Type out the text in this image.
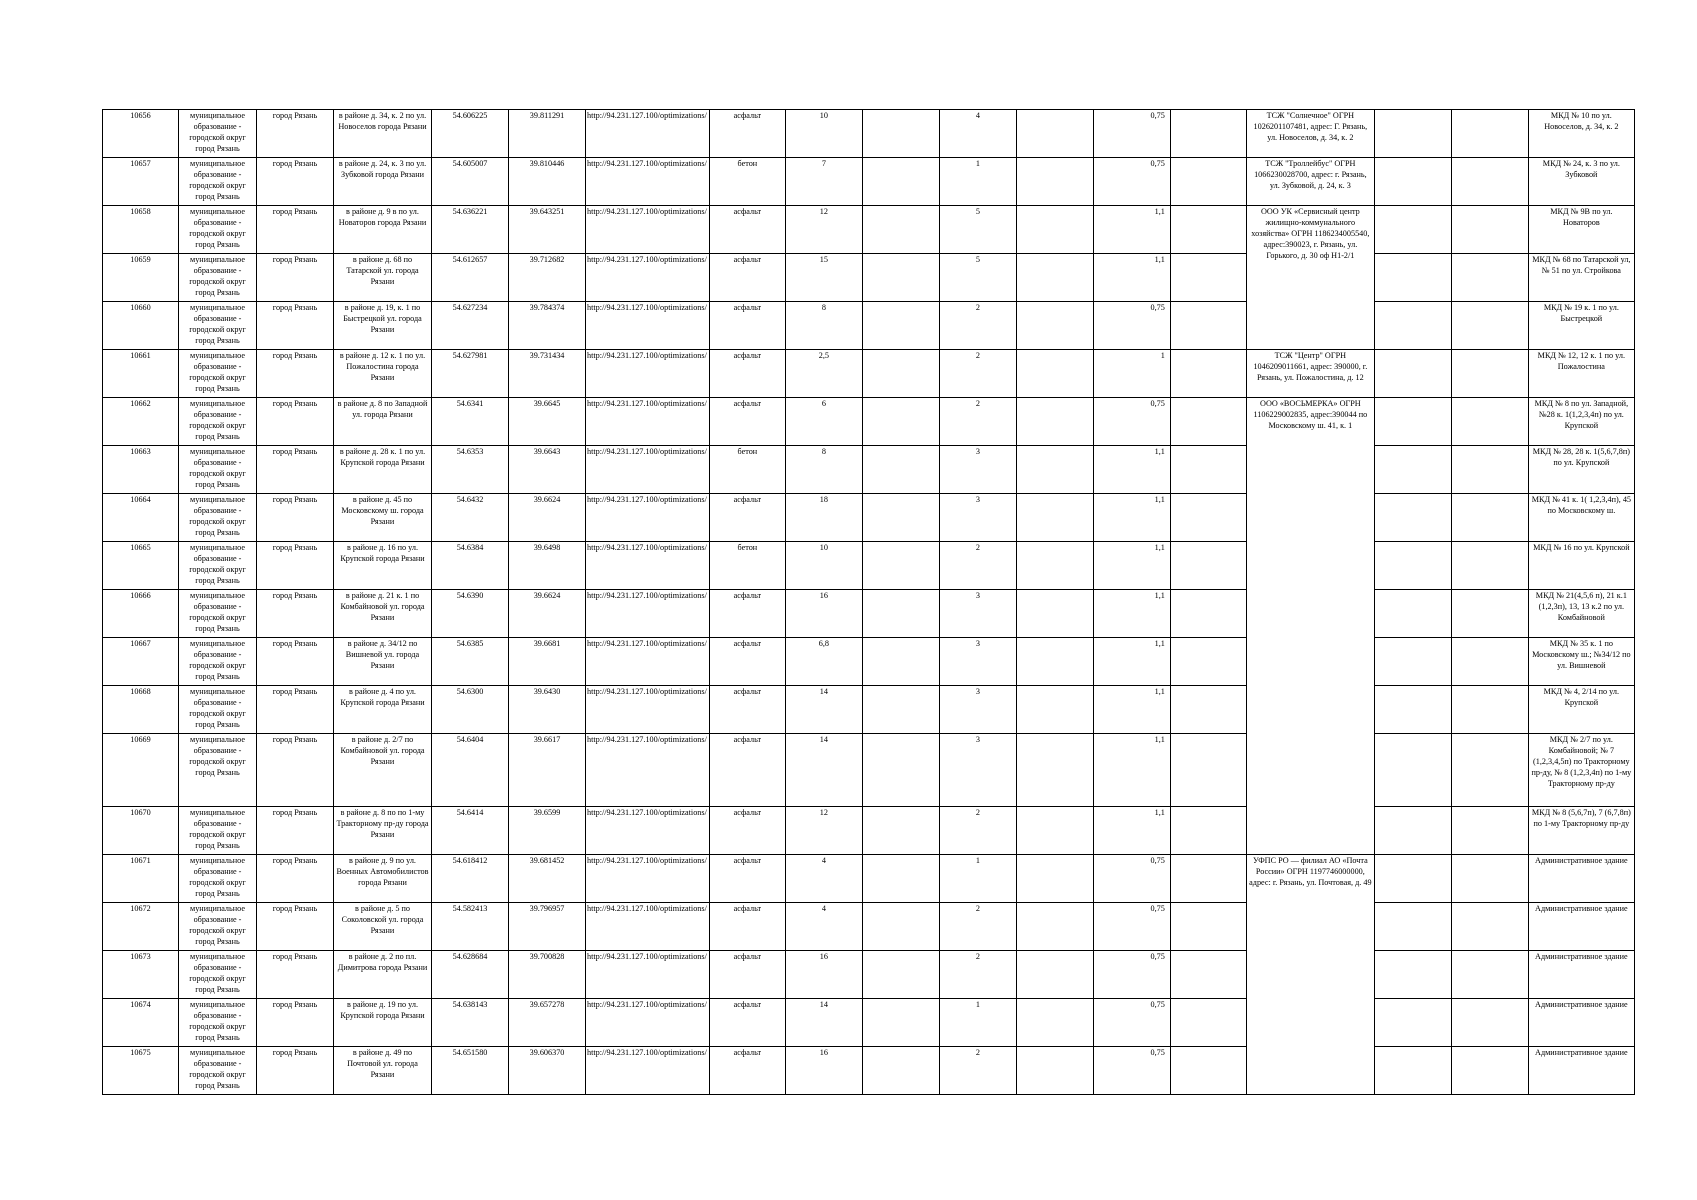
10656	муниципальное образование - городской округ город Рязань	город Рязань	в районе д. 34, к. 2 по ул. Новоселов города Рязани	54.606225	39.811291	http://94.231.127.100/optimizations/	асфальт	10		4		0,75		ТСЖ "Солнечное" ОГРН 1026201107481, адрес: Г. Рязань, ул. Новоселов, д. 34, к. 2			МКД № 10 по ул. Новоселов, д. 34, к. 2
10657	муниципальное образование - городской округ город Рязань	город Рязань	в районе д. 24, к. 3 по ул. Зубковой города Рязани	54.605007	39.810446	http://94.231.127.100/optimizations/	бетон	7		1		0,75		ТСЖ "Троллейбус" ОГРН 1066230028700, адрес: г. Рязань, ул. Зубковой, д. 24, к. 3			МКД № 24, к. 3 по ул. Зубковой
10658	муниципальное образование - городской округ город Рязань	город Рязань	в районе д. 9 в по ул. Новаторов города Рязани	54.636221	39.643251	http://94.231.127.100/optimizations/	асфальт	12		5		1,1		ООО УК «Сервисный центр жилищно-коммунального хозяйства» ОГРН 1186234005540, адрес:390023, г. Рязань, ул. Горького, д. 30 оф Н1-2/1			МКД № 9В по ул. Новаторов
10659	муниципальное образование - городской округ город Рязань	город Рязань	в районе д. 68 по Татарской ул. города Рязани	54.612657	39.712682	http://94.231.127.100/optimizations/	асфальт	15		5		1,1					МКД № 68 по Татарской ул, № 51 по ул. Стройкова
10660	муниципальное образование - городской округ город Рязань	город Рязань	в районе д. 19, к. 1 по Быстрецкой ул. города Рязани	54.627234	39.784374	http://94.231.127.100/optimizations/	асфальт	8		2		0,75					МКД № 19 к. 1 по ул. Быстрецкой
10661	муниципальное образование - городской округ город Рязань	город Рязань	в районе д. 12 к. 1 по ул. Пожалостина города Рязани	54.627981	39.731434	http://94.231.127.100/optimizations/	асфальт	2,5		2		1		ТСЖ "Центр" ОГРН 1046209011661, адрес: 390000, г. Рязань, ул. Пожалостина, д. 12			МКД № 12, 12 к. 1 по ул. Пожалостина
10662	муниципальное образование - городской округ город Рязань	город Рязань	в районе д. 8 по Западной ул. города Рязани	54.6341	39.6645	http://94.231.127.100/optimizations/	асфальт	6		2		0,75		ООО «ВОСЬМЕРКА» ОГРН 1106229002835, адрес:390044 по Московскому ш. 41, к. 1			МКД № 8 по ул. Западной, №28 к. 1(1,2,3,4п) по ул. Крупской
10663	муниципальное образование - городской округ город Рязань	город Рязань	в районе д. 28 к. 1 по ул. Крупской города Рязани	54.6353	39.6643	http://94.231.127.100/optimizations/	бетон	8		3		1,1					МКД № 28, 28 к. 1(5,6,7,8п) по ул. Крупской
10664	муниципальное образование - городской округ город Рязань	город Рязань	в районе д. 45 по Московскому ш. города Рязани	54.6432	39.6624	http://94.231.127.100/optimizations/	асфальт	18		3		1,1					МКД № 41 к. 1( 1,2,3,4п), 45 по Московскому ш.
10665	муниципальное образование - городской округ город Рязань	город Рязань	в районе д. 16 по ул. Крупской города Рязани	54.6384	39.6498	http://94.231.127.100/optimizations/	бетон	10		2		1,1					МКД № 16 по ул. Крупской
10666	муниципальное образование - городской округ город Рязань	город Рязань	в районе д. 21 к. 1 по Комбайновой ул. города Рязани	54.6390	39.6624	http://94.231.127.100/optimizations/	асфальт	16		3		1,1					МКД № 21(4,5,6 п), 21 к.1 (1,2,3п), 13, 13 к.2 по ул. Комбайновой
10667	муниципальное образование - городской округ город Рязань	город Рязань	в районе д. 34/12 по Вишневой ул. города Рязани	54.6385	39.6681	http://94.231.127.100/optimizations/	асфальт	6,8		3		1,1					МКД № 35 к. 1 по Московскому ш.; №34/12 по ул. Вишневой
10668	муниципальное образование - городской округ город Рязань	город Рязань	в районе д. 4 по ул. Крупской города Рязани	54.6300	39.6430	http://94.231.127.100/optimizations/	асфальт	14		3		1,1					МКД № 4, 2/14 по ул. Крупской
10669	муниципальное образование - городской округ город Рязань	город Рязань	в районе д. 2/7 по Комбайновой ул. города Рязани	54.6404	39.6617	http://94.231.127.100/optimizations/	асфальт	14		3		1,1					МКД № 2/7 по ул. Комбайновой; № 7 (1,2,3,4,5п) по Тракторному пр-ду, № 8 (1,2,3,4п) по 1-му Тракторному пр-ду
10670	муниципальное образование - городской округ город Рязань	город Рязань	в районе д. 8 по по 1-му Тракторному пр-ду города Рязани	54.6414	39.6599	http://94.231.127.100/optimizations/	асфальт	12		2		1,1					МКД № 8 (5,6,7п), 7 (6,7,8п) по 1-му Тракторному пр-ду
10671	муниципальное образование - городской округ город Рязань	город Рязань	в районе д. 9 по ул. Военных Автомобилистов города Рязани	54.618412	39.681452	http://94.231.127.100/optimizations/	асфальт	4		1		0,75		УФПС РО — филиал АО «Почта России» ОГРН 1197746000000, адрес: г. Рязань, ул. Почтовая, д. 49			Административное здание
10672	муниципальное образование - городской округ город Рязань	город Рязань	в районе д. 5 по Соколовской ул. города Рязани	54.582413	39.796957	http://94.231.127.100/optimizations/	асфальт	4		2		0,75					Административное здание
10673	муниципальное образование - городской округ город Рязань	город Рязань	в районе д. 2 по пл. Димитрова города Рязани	54.628684	39.700828	http://94.231.127.100/optimizations/	асфальт	16		2		0,75					Административное здание
10674	муниципальное образование - городской округ город Рязань	город Рязань	в районе д. 19 по ул. Крупской города Рязани	54.638143	39.657278	http://94.231.127.100/optimizations/	асфальт	14		1		0,75					Административное здание
10675	муниципальное образование - городской округ город Рязань	город Рязань	в районе д. 49 по Почтовой ул. города Рязани	54.651580	39.606370	http://94.231.127.100/optimizations/	асфальт	16		2		0,75					Административное здание
